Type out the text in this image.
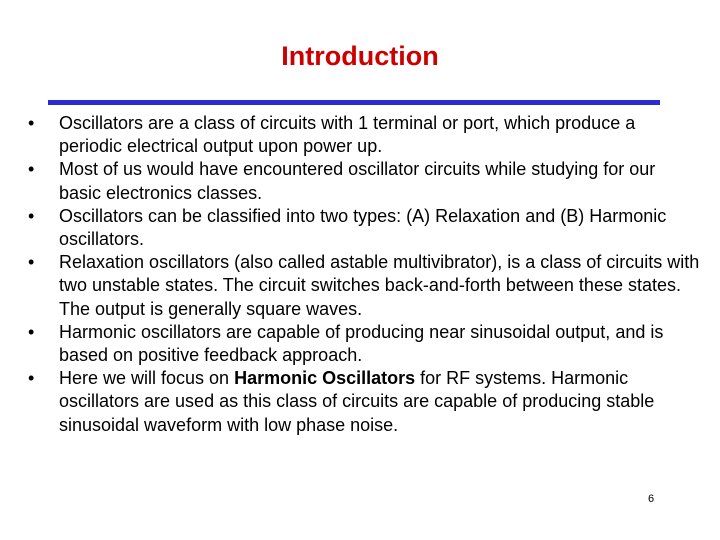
Introduction
•	Oscillators are a class of circuits with 1 terminal or port, which produce a periodic electrical output upon power up.
•	Most of us would have encountered oscillator circuits while studying for our basic electronics classes.
•	Oscillators can be classified into two types: (A) Relaxation and (B) Harmonic oscillators.
•	Relaxation oscillators (also called astable multivibrator), is a class of circuits with two unstable states. The circuit switches back-and-forth between these states. The output is generally square waves.
•	Harmonic oscillators are capable of producing near sinusoidal output, and is based on positive feedback approach.
•	Here we will focus on Harmonic Oscillators for RF systems. Harmonic oscillators are used as this class of circuits are capable of producing stable sinusoidal waveform with low phase noise.
6
